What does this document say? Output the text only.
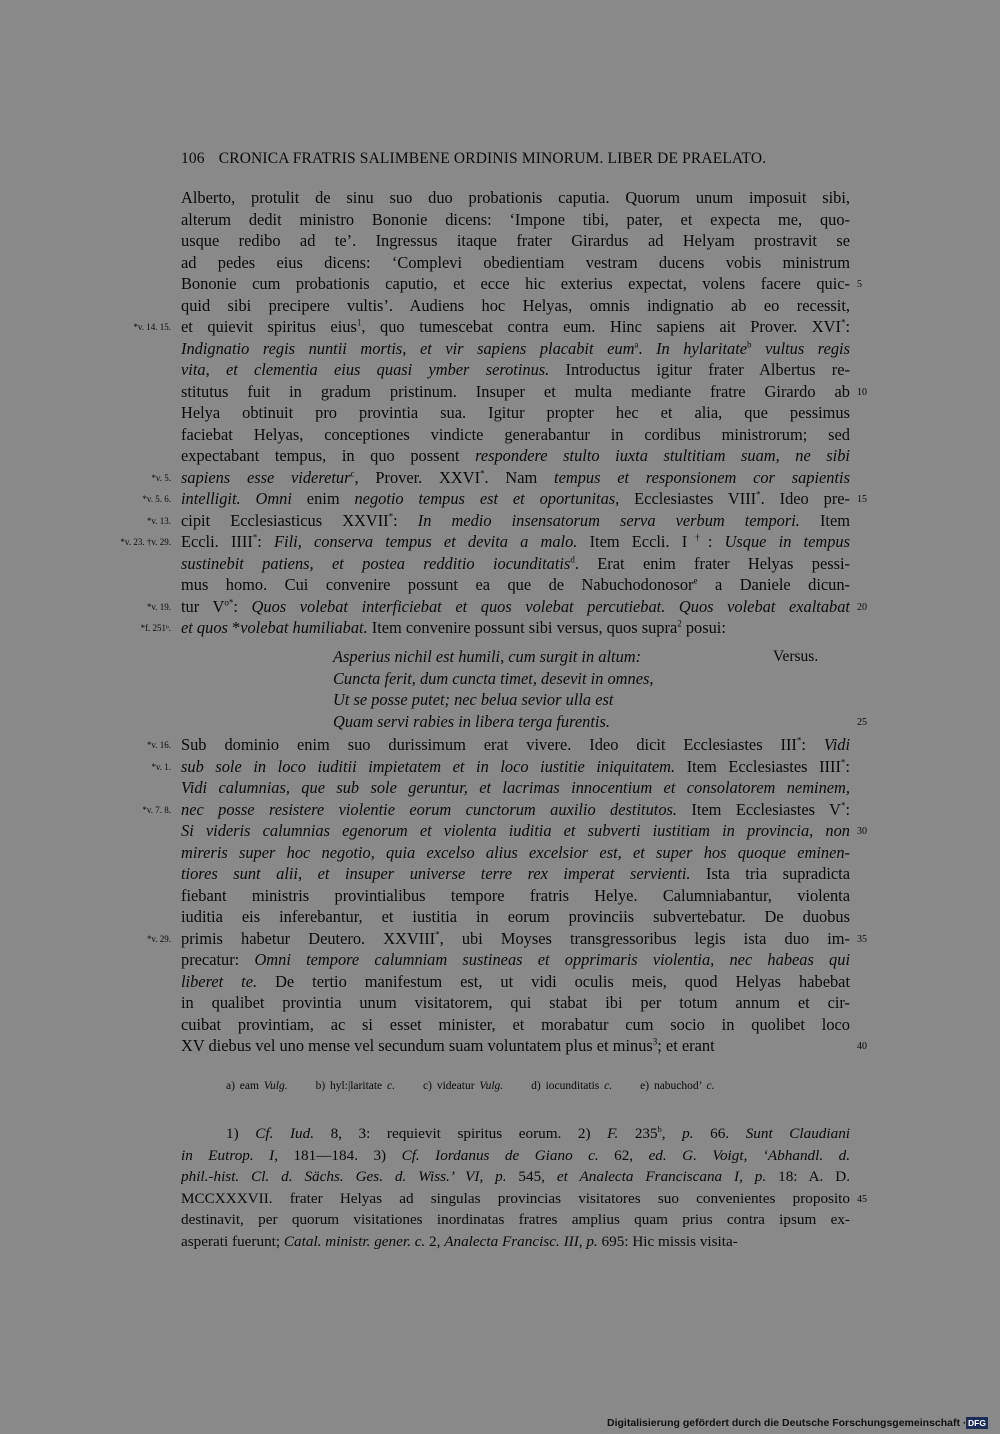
106 CRONICA FRATRIS SALIMBENE ORDINIS MINORUM. LIBER DE PRAELATO.
Alberto, protulit de sinu suo duo probationis caputia. Quorum unum imposuit sibi,
alterum dedit ministro Bononie dicens: ‘Impone tibi, pater, et expecta me, quo-
usque redibo ad te’. Ingressus itaque frater Girardus ad Helyam prostravit se
ad pedes eius dicens: ‘Complevi obedientiam vestram ducens vobis ministrum
Bononie cum probationis caputio, et ecce hic exterius expectat, volens facere quic- 5
quid sibi precipere vultis’. Audiens hoc Helyas, omnis indignatio ab eo recessit,
et quievit spiritus eius$^1$, quo tumescebat contra eum. Hinc sapiens ait Prover. XVI*:
*v. 14. 15.
Indignatio regis nuntii mortis, et vir sapiens placabit eum$^a$. In hylaritate$^b$ vultus regis
vita, et clementia eius quasi ymber serotinus. Introductus igitur frater Albertus re-
stitutus fuit in gradum pristinum. Insuper et multa mediante fratre Girardo ab 10
Helya obtinuit pro provintia sua. Igitur propter hec et alia, que pessimus
faciebat Helyas, conceptiones vindicte generabantur in cordibus ministrorum; sed
expectabant tempus, in quo possent respondere stulto iuxta stultitiam suam, ne sibi
sapiens esse videretur$^c$, Prover. XXVI*. Nam tempus et responsionem cor sapientis
*v. 5.
intelligit. Omni enim negotio tempus est et oportunitas, Ecclesiastes VIII*. Ideo pre-
*v. 5. 6.	15
cipit Ecclesiasticus XXVII*: In medio insensatorum serva verbum tempori. Item
*v. 13.
Eccli. IIII*: Fili, conserva tempus et devita a malo. Item Eccli. I†: Usque in tempus
*v. 23. †v. 29.
sustinebit patiens, et postea redditio iocunditatis$^d$. Erat enim frater Helyas pessi-
mus homo. Cui convenire possunt ea que de Nabuchodonosor$^e$ a Daniele dicun-
tur $V^{o*}$: Quos volebat interficiebat et quos volebat percutiebat. Quos volebat exaltabat
*v. 19.	20
et quos *volebat humiliabat. Item convenire possunt sibi versus, quos supra$^2$ posui:
*f. 251ᵇ.
Versus.
Asperius nichil est humili, cum surgit in altum:
Cuncta ferit, dum cuncta timet, desevit in omnes,
Ut se posse putet; nec belua sevior ulla est
Quam servi rabies in libera terga furentis.	25
Sub dominio enim suo durissimum erat vivere. Ideo dicit Ecclesiastes III*: Vidi
*v. 16.
sub sole in loco iuditii impietatem et in loco iustitie iniquitatem. Item Ecclesiastes IIII*:
*v. 1.
Vidi calumnias, que sub sole geruntur, et lacrimas innocentium et consolatorem neminem,
nec posse resistere violentie eorum cunctorum auxilio destitutos. Item Ecclesiastes V*:
*v. 7. 8.
Si videris calumnias egenorum et violenta iuditia et subverti iustitiam in provincia, non 30
mireris super hoc negotio, quia excelso alius excelsior est, et super hos quoque eminen-
tiores sunt alii, et insuper universe terre rex imperat servienti. Ista tria supradicta
fiebant ministris provintialibus tempore fratris Helye. Calumniabantur, violenta
iuditia eis inferebantur, et iustitia in eorum provinciis subvertebatur. De duobus
primis habetur Deutero. XXVIII*, ubi Moyses transgressoribus legis ista duo im-
*v. 29.	35
precatur: Omni tempore calumniam sustineas et opprimaris violentia, nec habeas qui
liberet te. De tertio manifestum est, ut vidi oculis meis, quod Helyas habebat
in qualibet provintia unum visitatorem, qui stabat ibi per totum annum et cir-
cuibat provintiam, ac si esset minister, et morabatur cum socio in quolibet loco
XV diebus vel uno mense vel secundum suam voluntatem plus et minus$^3$; et erant	40
a) eam Vulg. b) hyl:|laritate c. c) videatur Vulg. d) iocunditatis c. e) nabuchod’ c.
1) Cf. Iud. 8, 3: requievit spiritus eorum. 2) F. 235$^b$, p. 66. Sunt Claudiani
in Eutrop. I, 181—184. 3) Cf. Iordanus de Giano c. 62, ed. G. Voigt, ‘Abhandl. d.
phil.-hist. Cl. d. Sächs. Ges. d. Wiss.’ VI, p. 545, et Analecta Franciscana I, p. 18: A. D.
MCCXXXVII. frater Helyas ad singulas provincias visitatores suo convenientes proposito 45
destinavit, per quorum visitationes inordinatas fratres amplius quam prius contra ipsum ex-
asperati fuerunt; Catal. ministr. gener. c. 2, Analecta Francisc. III, p. 695: Hic missis visita-
Digitalisierung gefördert durch die Deutsche Forschungsgemeinschaft · DFG
